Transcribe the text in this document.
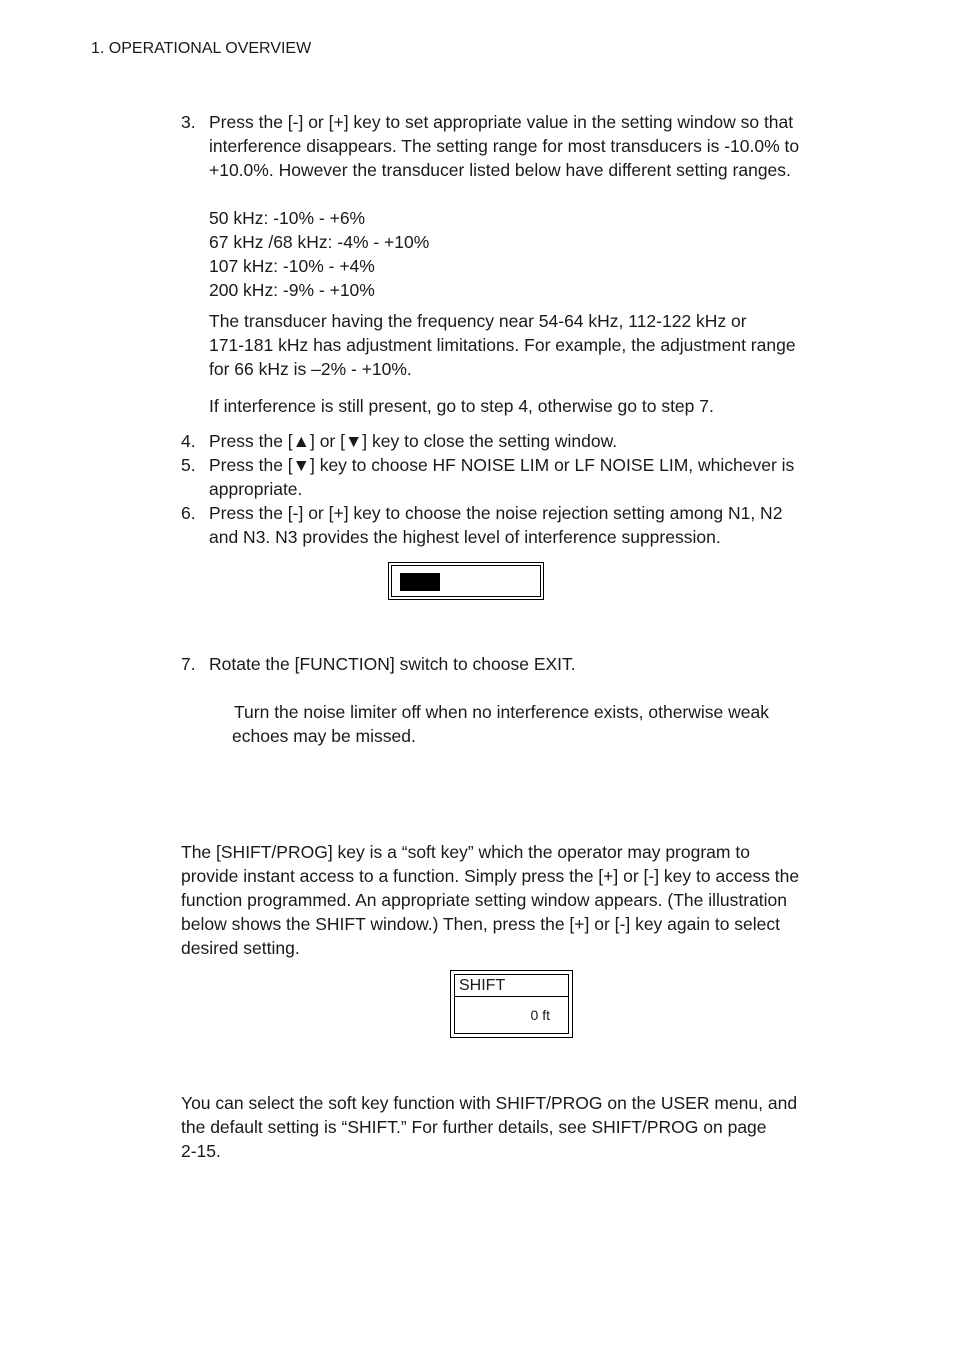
1. OPERATIONAL OVERVIEW
3. Press the [-] or [+] key to set appropriate value in the setting window so that
interference disappears. The setting range for most transducers is -10.0% to
+10.0%. However the transducer listed below have different setting ranges.
50 kHz: -10% - +6%
67 kHz /68 kHz: -4% - +10%
107 kHz: -10% - +4%
200 kHz: -9% - +10%
The transducer having the frequency near 54-64 kHz, 112-122 kHz or
171-181 kHz has adjustment limitations. For example, the adjustment range
for 66 kHz is –2% - +10%.
If interference is still present, go to step 4, otherwise go to step 7.
4. Press the [▲] or [▼] key to close the setting window.
5. Press the [▼] key to choose HF NOISE LIM or LF NOISE LIM, whichever is
appropriate.
6. Press the [-] or [+] key to choose the noise rejection setting among N1, N2
and N3. N3 provides the highest level of interference suppression.
7. Rotate the [FUNCTION] switch to choose EXIT.
Turn the noise limiter off when no interference exists, otherwise weak
echoes may be missed.
The [SHIFT/PROG] key is a “soft key” which the operator may program to
provide instant access to a function. Simply press the [+] or [-] key to access the
function programmed. An appropriate setting window appears. (The illustration
below shows the SHIFT window.) Then, press the [+] or [-] key again to select
desired setting.
SHIFT
0 ft
You can select the soft key function with SHIFT/PROG on the USER menu, and
the default setting is “SHIFT.” For further details, see SHIFT/PROG on page
2-15.
